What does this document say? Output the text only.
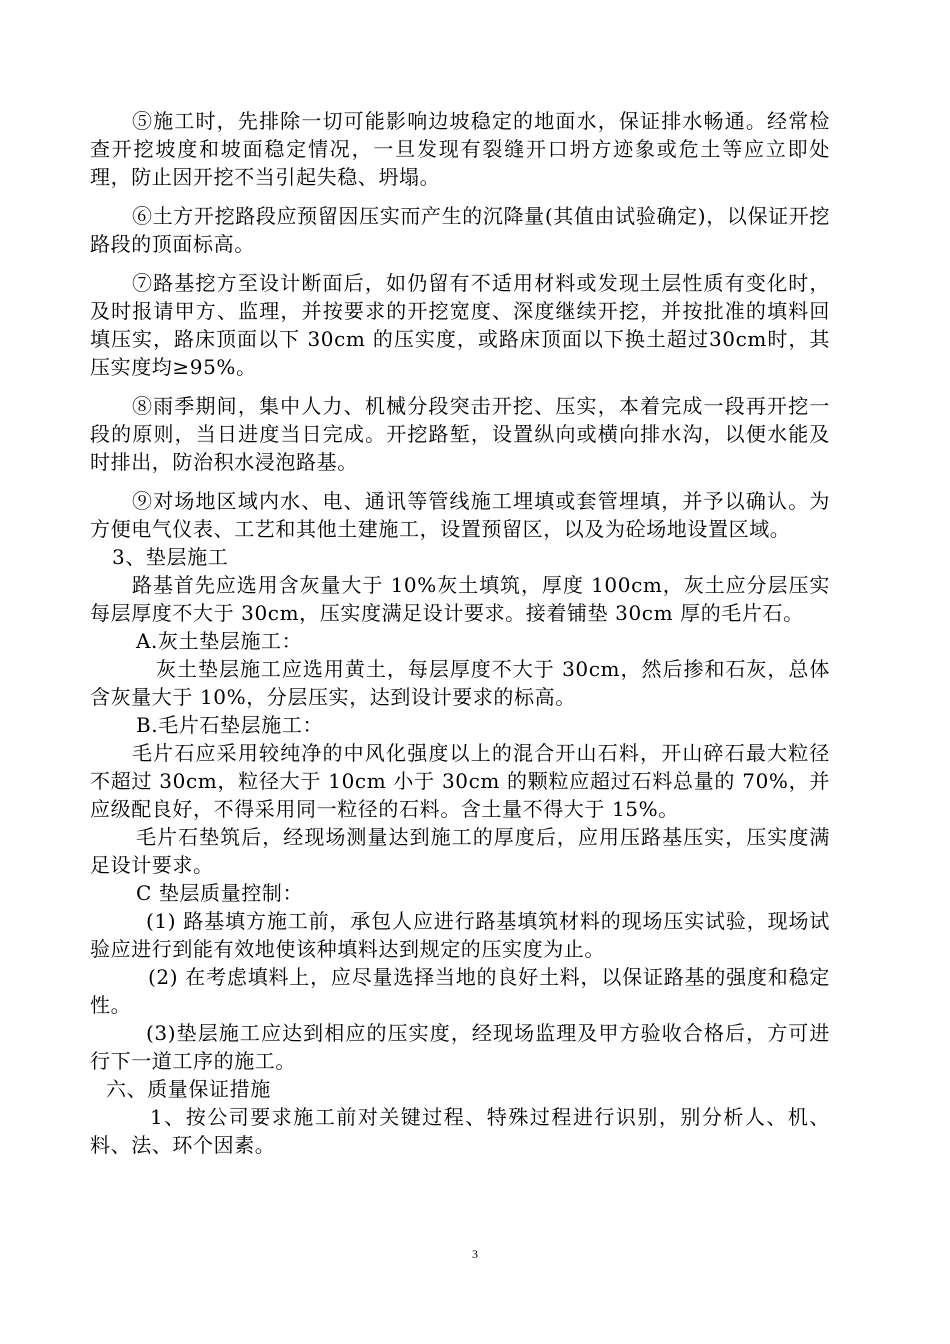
⑤施工时，先排除一切可能影响边坡稳定的地面水，保证排水畅通。经常检查开挖坡度和坡面稳定情况，一旦发现有裂缝开口坍方迹象或危土等应立即处理，防止因开挖不当引起失稳、坍塌。

⑥土方开挖路段应预留因压实而产生的沉降量(其值由试验确定)，以保证开挖路段的顶面标高。

⑦路基挖方至设计断面后，如仍留有不适用材料或发现土层性质有变化时，及时报请甲方、监理，并按要求的开挖宽度、深度继续开挖，并按批准的填料回填压实，路床顶面以下 30cm 的压实度，或路床顶面以下换土超过30cm时，其压实度均≥95%。

⑧雨季期间，集中人力、机械分段突击开挖、压实，本着完成一段再开挖一段的原则，当日进度当日完成。开挖路堑，设置纵向或横向排水沟，以便水能及时排出，防治积水浸泡路基。

⑨对场地区域内水、电、通讯等管线施工埋填或套管埋填，并予以确认。为方便电气仪表、工艺和其他土建施工，设置预留区，以及为砼场地设置区域。

3、垫层施工

路基首先应选用含灰量大于 10%灰土填筑，厚度 100cm，灰土应分层压实每层厚度不大于 30cm，压实度满足设计要求。接着铺垫 30cm 厚的毛片石。

A.灰土垫层施工：

灰土垫层施工应选用黄土，每层厚度不大于 30cm，然后掺和石灰，总体含灰量大于 10%，分层压实，达到设计要求的标高。

B.毛片石垫层施工：

毛片石应采用较纯净的中风化强度以上的混合开山石料，开山碎石最大粒径不超过 30cm，粒径大于 10cm 小于 30cm 的颗粒应超过石料总量的 70%，并应级配良好，不得采用同一粒径的石料。含土量不得大于 15%。

毛片石垫筑后，经现场测量达到施工的厚度后，应用压路基压实，压实度满足设计要求。

C 垫层质量控制：

(1) 路基填方施工前，承包人应进行路基填筑材料的现场压实试验，现场试验应进行到能有效地使该种填料达到规定的压实度为止。

(2) 在考虑填料上，应尽量选择当地的良好土料，以保证路基的强度和稳定性。

(3)垫层施工应达到相应的压实度，经现场监理及甲方验收合格后，方可进行下一道工序的施工。

六、质量保证措施

1、按公司要求施工前对关键过程、特殊过程进行识别，别分析人、机、料、法、环个因素。

3
